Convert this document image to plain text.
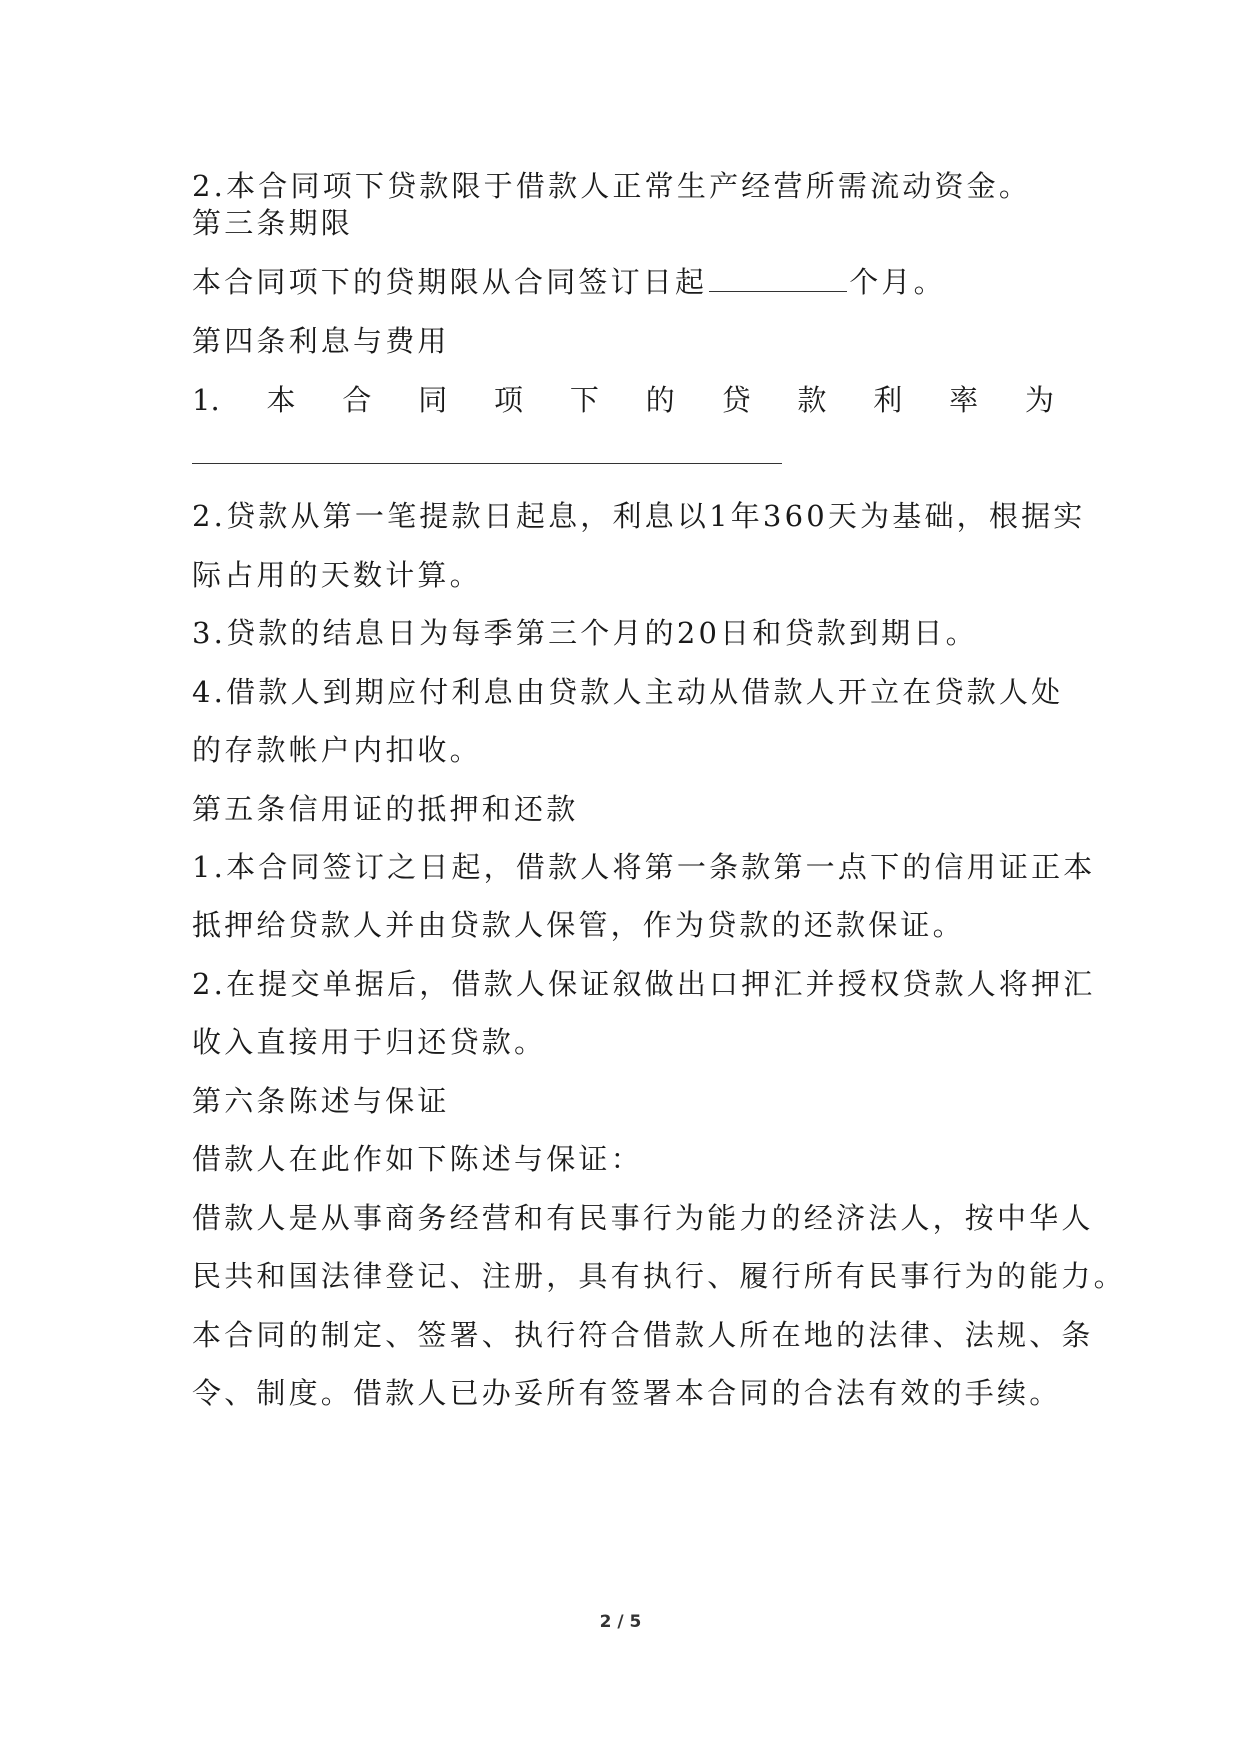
2.本合同项下贷款限于借款人正常生产经营所需流动资金。
第三条期限
本合同项下的贷期限从合同签订日起	个月。
第四条利息与费用
1. 本 合 同 项 下 的 贷 款 利 率 为
2.贷款从第一笔提款日起息，利息以1年360天为基础，根据实
际占用的天数计算。
3.贷款的结息日为每季第三个月的20日和贷款到期日。
4.借款人到期应付利息由贷款人主动从借款人开立在贷款人处
的存款帐户内扣收。
第五条信用证的抵押和还款
1.本合同签订之日起，借款人将第一条款第一点下的信用证正本
抵押给贷款人并由贷款人保管，作为贷款的还款保证。
2.在提交单据后，借款人保证叙做出口押汇并授权贷款人将押汇
收入直接用于归还贷款。
第六条陈述与保证
借款人在此作如下陈述与保证：
借款人是从事商务经营和有民事行为能力的经济法人，按中华人
民共和国法律登记、注册，具有执行、履行所有民事行为的能力。
本合同的制定、签署、执行符合借款人所在地的法律、法规、条
令、制度。借款人已办妥所有签署本合同的合法有效的手续。
2 / 5
